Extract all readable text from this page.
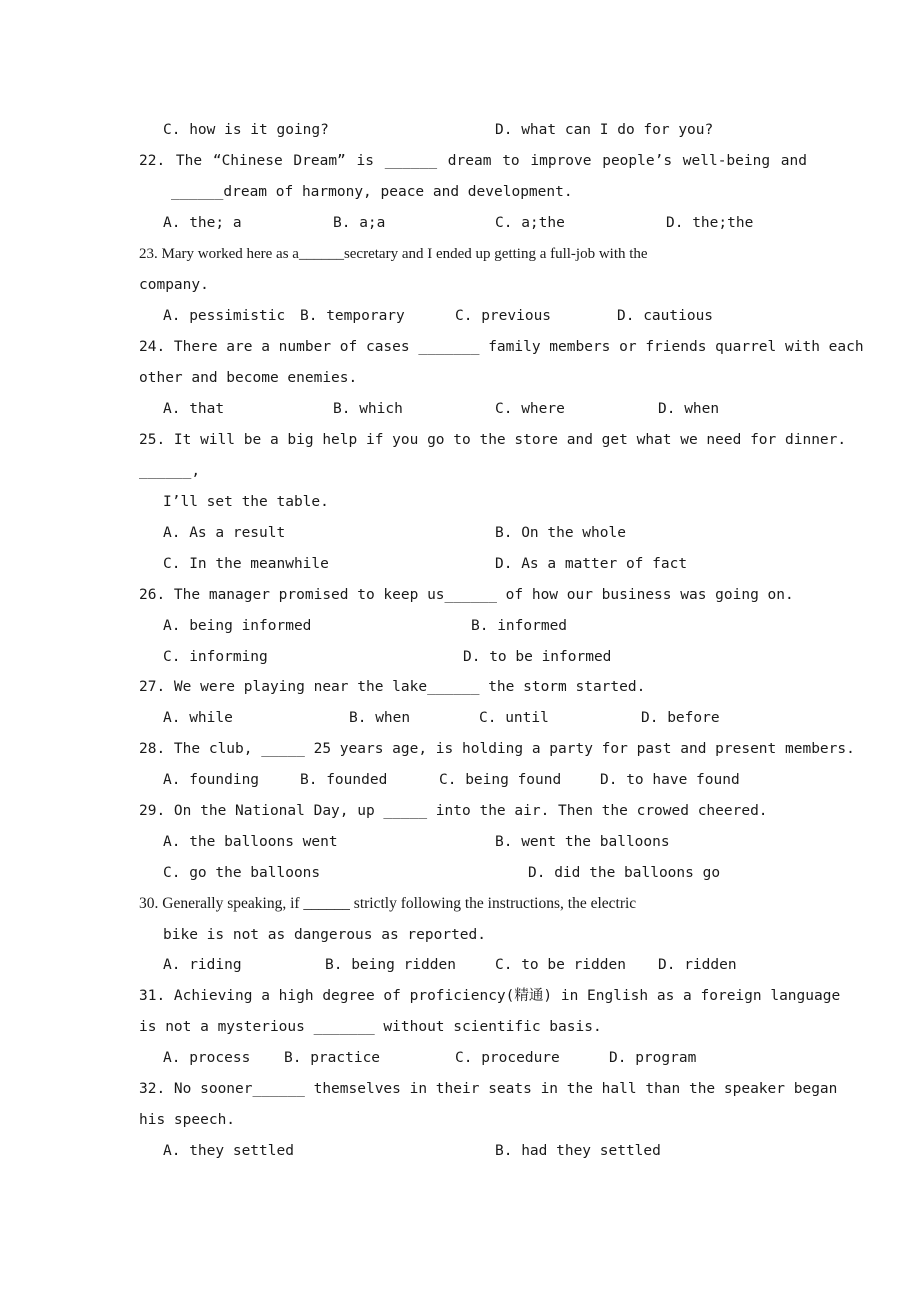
C. how is it going?	D. what can I do for you?
22. The “Chinese Dream” is ______ dream to improve people’s well-being and
______dream of harmony, peace and development.
A. the; a	B. a;a	C. a;the	D. the;the
23. Mary worked here as a______secretary and I ended up getting a full-job with the
company.
A. pessimistic B. temporary	C. previous	D. cautious
24. There are a number of cases _______ family members or friends quarrel with each
other and become enemies.
A. that	B. which	C. where	D. when
25. It will be a big help if you go to the store and get what we need for dinner.
______,
I’ll set the table.
A. As a result	B. On the whole
C. In the meanwhile	D. As a matter of fact
26. The manager promised to keep us______ of how our business was going on.
A. being informed	B. informed
C. informing	D. to be informed
27. We were playing near the lake______ the storm started.
A. while	B. when	C. until	D. before
28. The club, _____ 25 years age, is holding a party for past and present members.
A. founding	B. founded	C. being found	D. to have found
29. On the National Day, up _____ into the air. Then the crowed cheered.
A. the balloons went	B. went the balloons
C. go the balloons	D. did the balloons go
30. Generally speaking, if ______ strictly following the instructions, the electric
bike is not as dangerous as reported.
A. riding	B. being ridden	C. to be ridden D. ridden
31. Achieving a high degree of proficiency(精通) in English as a foreign language
is not a mysterious _______ without scientific basis.
A. process B. practice	C. procedure	D. program
32. No sooner______ themselves in their seats in the hall than the speaker began
his speech.
A. they settled	B. had they settled
